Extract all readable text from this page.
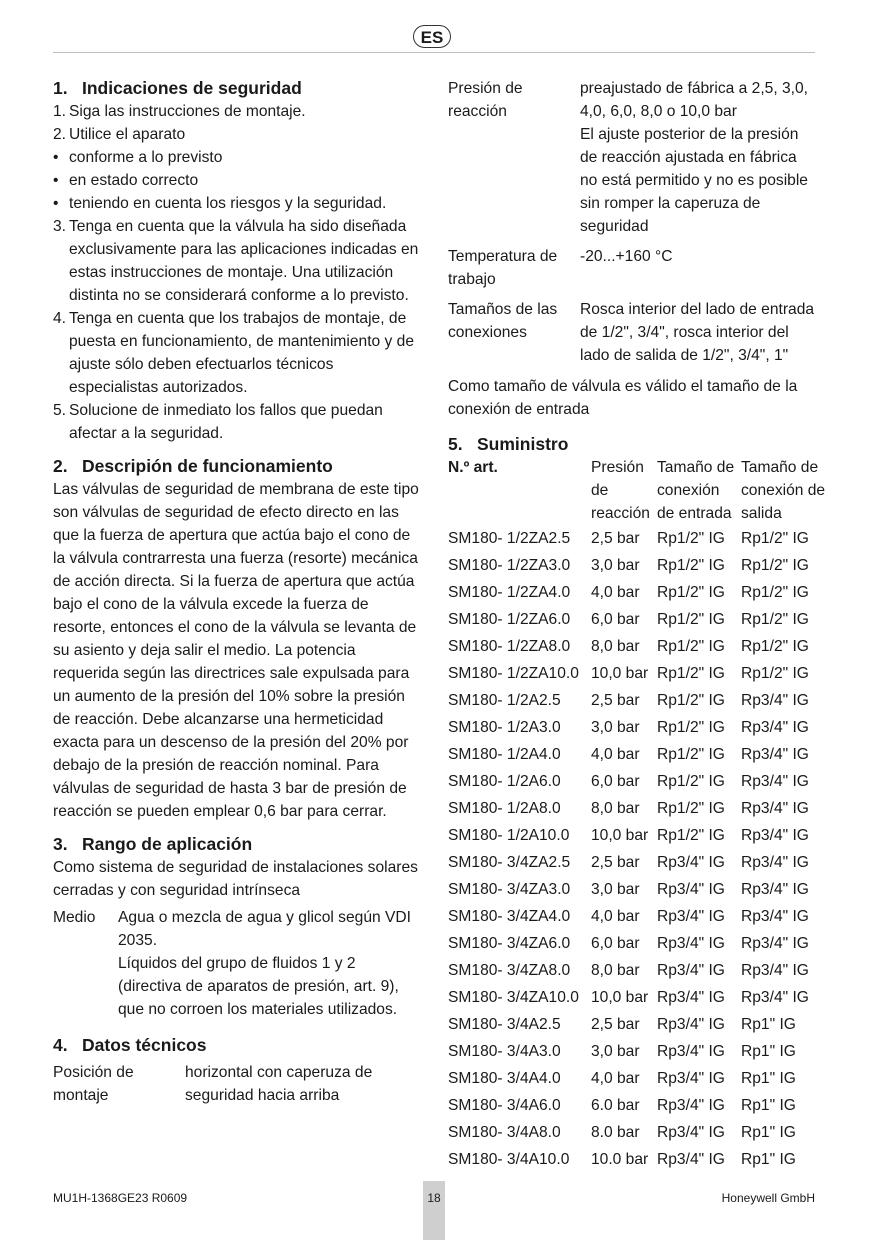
ES
1. Indicaciones de seguridad
1. Siga las instrucciones de montaje.
2. Utilice el aparato
• conforme a lo previsto
• en estado correcto
• teniendo en cuenta los riesgos y la seguridad.
3. Tenga en cuenta que la válvula ha sido diseñada exclusivamente para las aplicaciones indicadas en estas instrucciones de montaje. Una utilización distinta no se considerará conforme a lo previsto.
4. Tenga en cuenta que los trabajos de montaje, de puesta en funcionamiento, de mantenimiento y de ajuste sólo deben efectuarlos técnicos especialistas autorizados.
5. Solucione de inmediato los fallos que puedan afectar a la seguridad.
2. Descripión de funcionamiento

Las válvulas de seguridad de membrana de este tipo son válvulas de seguridad de efecto directo en las que la fuerza de apertura que actúa bajo el cono de la válvula contrarresta una fuerza (resorte) mecánica de acción directa. Si la fuerza de apertura que actúa bajo el cono de la válvula excede la fuerza de resorte, entonces el cono de la válvula se levanta de su asiento y deja salir el medio. La potencia requerida según las directrices sale expulsada para un aumento de la presión del 10% sobre la presión de reacción. Debe alcanzarse una hermeticidad exacta para un descenso de la presión del 20% por debajo de la presión de reacción nominal. Para válvulas de seguridad de hasta 3 bar de presión de reacción se pueden emplear 0,6 bar para cerrar.

3. Rango de aplicación

Como sistema de seguridad de instalaciones solares cerradas y con seguridad intrínseca

Medio	Agua o mezcla de agua y glicol según VDI 2035.

Líquidos del grupo de fluidos 1 y 2 (directiva de aparatos de presión, art. 9), que no corroen los materiales utilizados.

4. Datos técnicos
Posición de montaje
horizontal con caperuza de seguridad hacia arriba
Presión de reacción

preajustado de fábrica a 2,5, 3,0, 4,0, 6,0, 8,0 o 10,0 bar

El ajuste posterior de la presión de reacción ajustada en fábrica no está permitido y no es posible sin romper la caperuza de seguridad

Temperatura de trabajo
-20...+160 °C
Tamaños de las conexiones
Rosca interior del lado de entrada de 1/2", 3/4", rosca interior del lado de salida de 1/2", 3/4", 1"

Como tamaño de válvula es válido el tamaño de la conexión de entrada

5. Suministro
N.º art.	Presión de reacción	Tamaño de conexión de entrada	Tamaño de conexión de salida
SM180- 1/2ZA2.5	2,5 bar	Rp1/2" IG	Rp1/2" IG
SM180- 1/2ZA3.0	3,0 bar	Rp1/2" IG	Rp1/2" IG
SM180- 1/2ZA4.0	4,0 bar	Rp1/2" IG	Rp1/2" IG
SM180- 1/2ZA6.0	6,0 bar	Rp1/2" IG	Rp1/2" IG
SM180- 1/2ZA8.0	8,0 bar	Rp1/2" IG	Rp1/2" IG
SM180- 1/2ZA10.0	10,0 bar	Rp1/2" IG	Rp1/2" IG
SM180- 1/2A2.5	2,5 bar	Rp1/2" IG	Rp3/4" IG
SM180- 1/2A3.0	3,0 bar	Rp1/2" IG	Rp3/4" IG
SM180- 1/2A4.0	4,0 bar	Rp1/2" IG	Rp3/4" IG
SM180- 1/2A6.0	6,0 bar	Rp1/2" IG	Rp3/4" IG
SM180- 1/2A8.0	8,0 bar	Rp1/2" IG	Rp3/4" IG
SM180- 1/2A10.0	10,0 bar	Rp1/2" IG	Rp3/4" IG
SM180- 3/4ZA2.5	2,5 bar	Rp3/4" IG	Rp3/4" IG
SM180- 3/4ZA3.0	3,0 bar	Rp3/4" IG	Rp3/4" IG
SM180- 3/4ZA4.0	4,0 bar	Rp3/4" IG	Rp3/4" IG
SM180- 3/4ZA6.0	6,0 bar	Rp3/4" IG	Rp3/4" IG
SM180- 3/4ZA8.0	8,0 bar	Rp3/4" IG	Rp3/4" IG
SM180- 3/4ZA10.0	10,0 bar	Rp3/4" IG	Rp3/4" IG
SM180- 3/4A2.5	2,5 bar	Rp3/4" IG	Rp1" IG
SM180- 3/4A3.0	3,0 bar	Rp3/4" IG	Rp1" IG
SM180- 3/4A4.0	4,0 bar	Rp3/4" IG	Rp1" IG
SM180- 3/4A6.0	6.0 bar	Rp3/4" IG	Rp1" IG
SM180- 3/4A8.0	8.0 bar	Rp3/4" IG	Rp1" IG
SM180- 3/4A10.0	10.0 bar	Rp3/4" IG	Rp1" IG
MU1H-1368GE23 R0609	18	Honeywell GmbH
